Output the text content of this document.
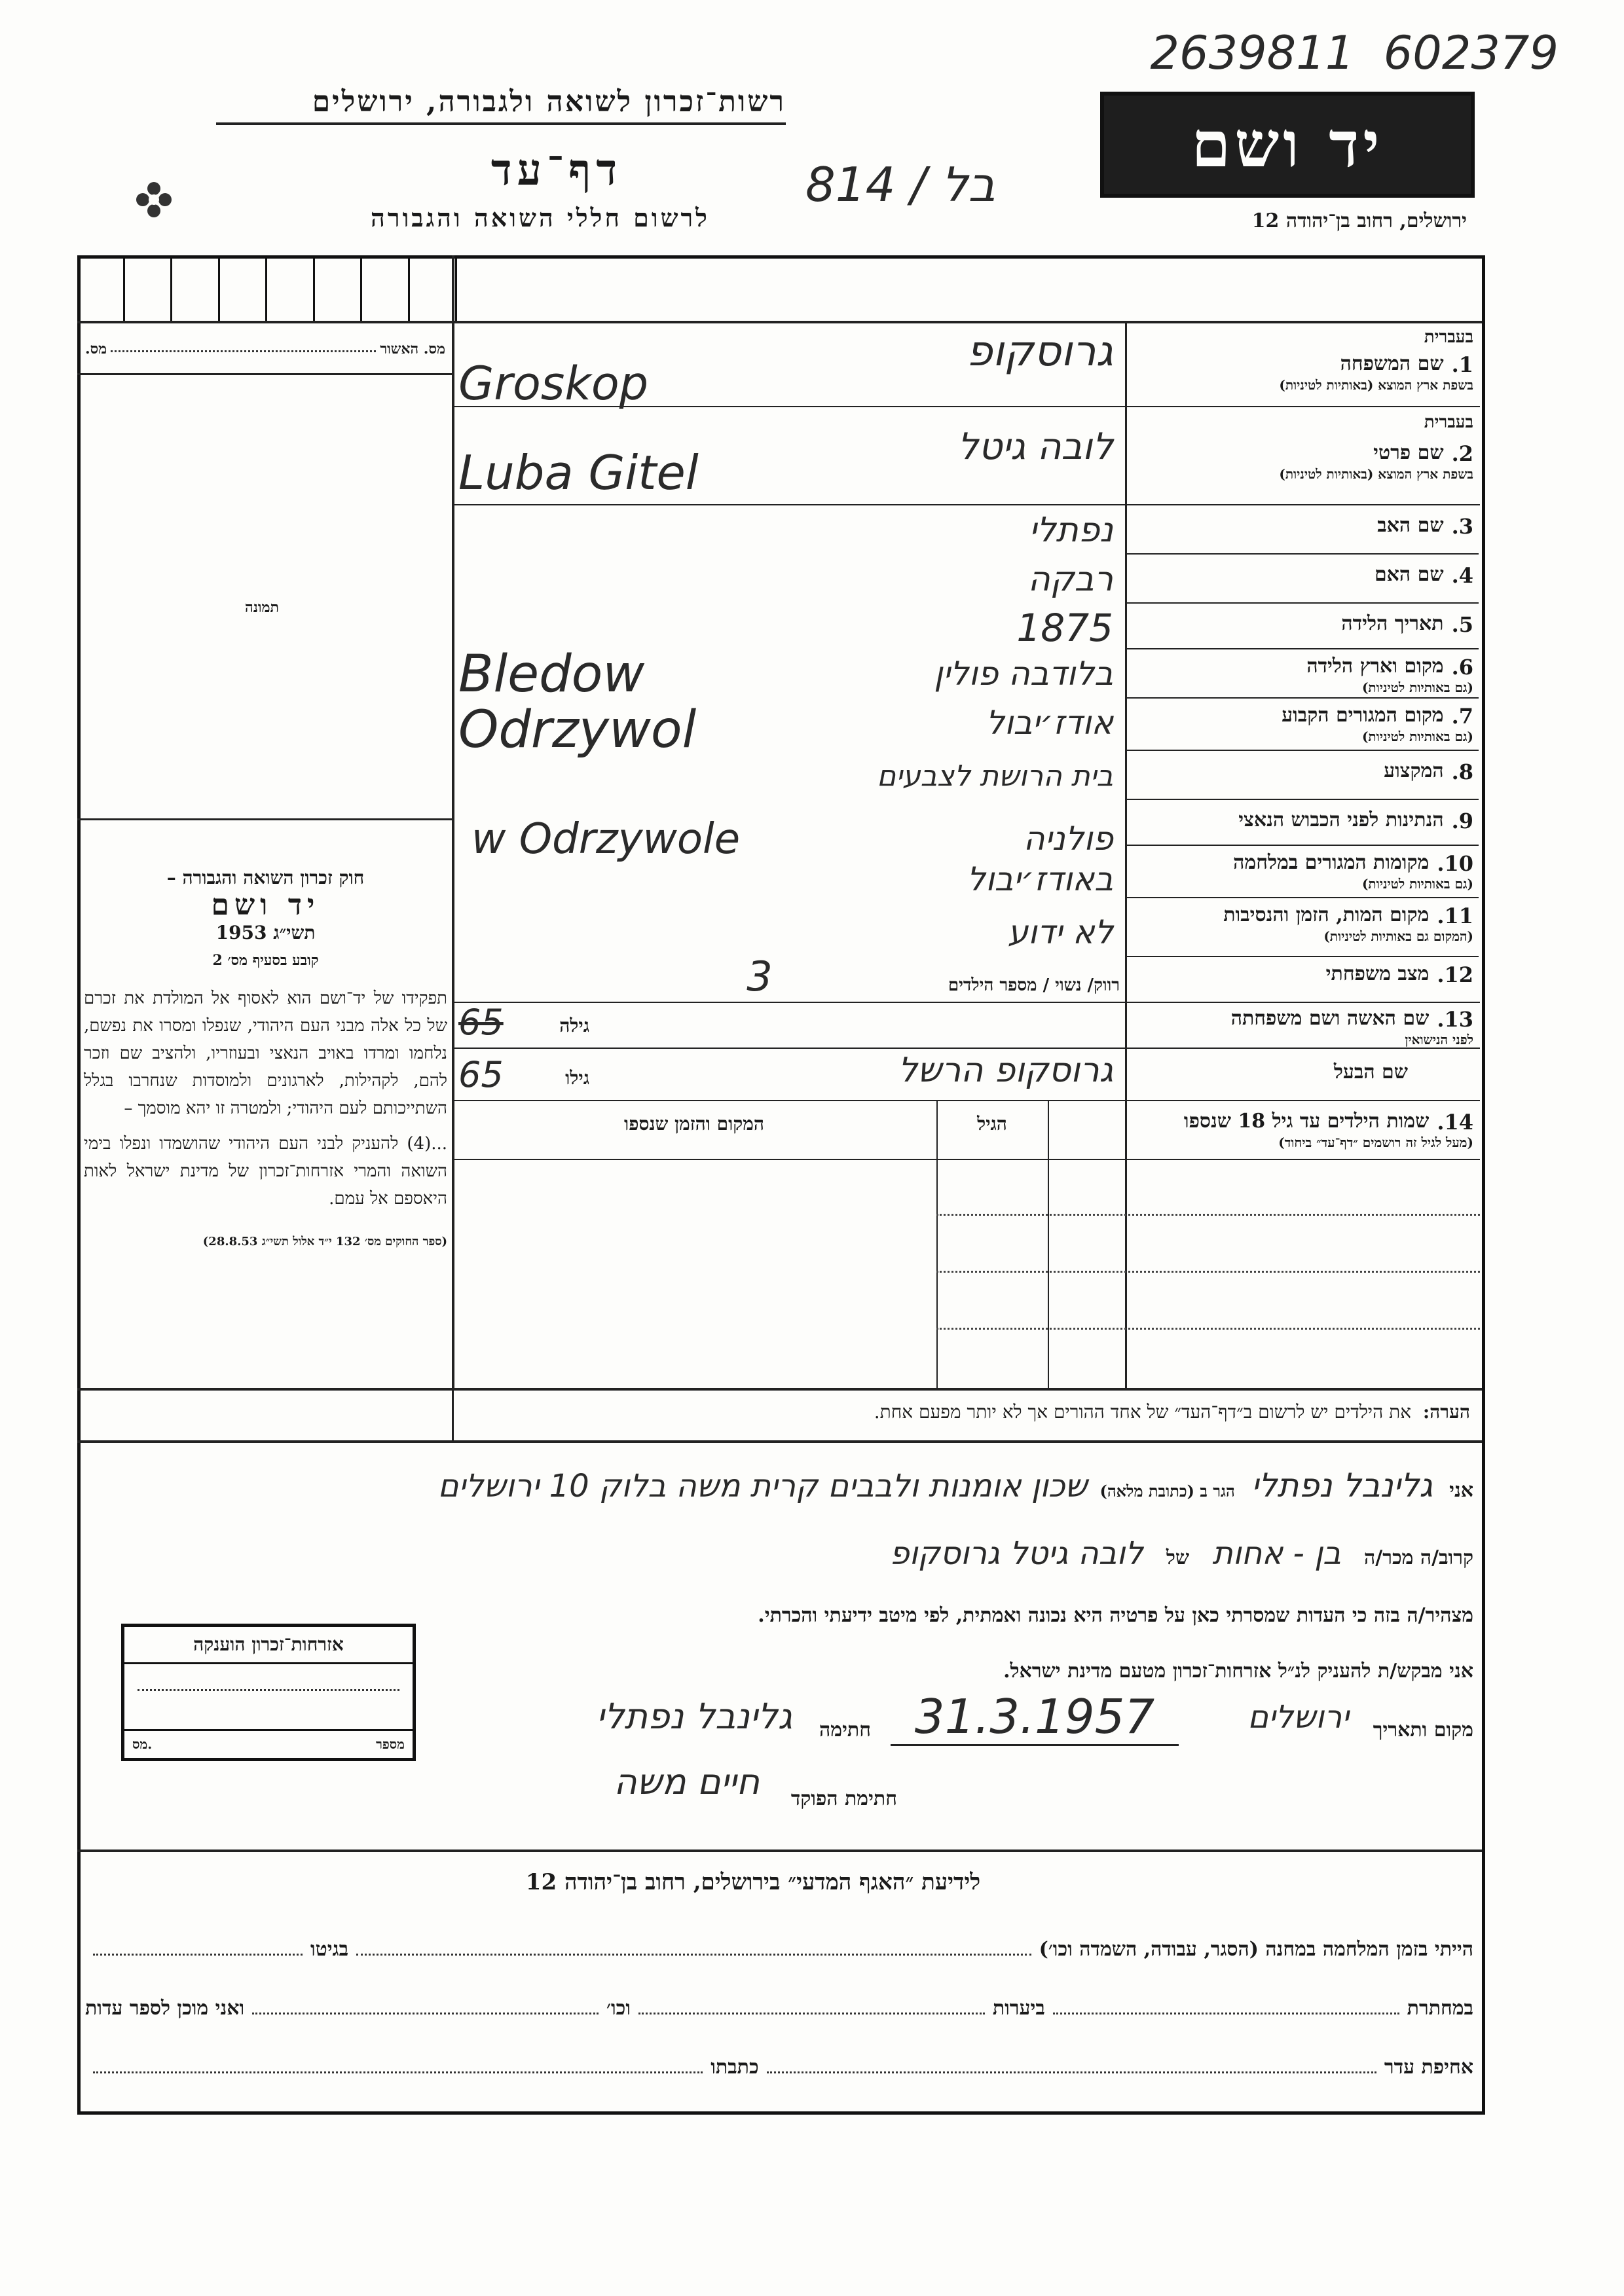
רשות־זכרון לשואה ולגבורה, ירושלים
דף־עד
לרשום חללי השואה והגבורה
814 / בל
2639811  602379
יד ושם
ירושלים, רחוב בן־יהודה 12
מס. האשור
מס.
תמונה

חוק זכרון השואה והגבורה –

יד ושם

תשי״ג 1953

קובע בסעיף מס׳ 2

תפקידו של יד־ושם הוא לאסוף אל המולדת את זכרם של כל אלה מבני העם היהודי, שנפלו ומסרו את נפשם, נלחמו ומרדו באויב הנאצי ובעוזריו, ולהציב שם וזכר להם, לקהילות, לארגונים ולמוסדות שנחרבו בגלל השתייכותם לעם היהודי; ולמטרה זו יהא מוסמך –

...(4) להעניק לבני העם היהודי שהושמדו ונפלו בימי השואה והמרי אזרחות־זכרון של מדינת ישראל לאות היאספם אל עמם.

(ספר החוקים מס׳ 132 י״ד אלול תשי״ג 28.8.53)

בעברית
1.
שם המשפחה
בשפת ארץ המוצא (באותיות לטיניות)
גרוסקופ
Groskop
בעברית
2.
שם פרטי
בשפת ארץ המוצא (באותיות לטיניות)
לובה גיטל
Luba Gitel
3.
שם האב
נפתלי
4.
שם האם
רבקה
5.
תאריך הלידה
1875
6.
מקום וארץ הלידה
(גם באותיות לטיניות)
בלודבה פולין
Bledow
7.
מקום המגורים הקבוע
(גם באותיות לטיניות)
אודז׳יבול
Odrzywol
8.
המקצוע
בית הרושת לצבעים
9.
הנתינות לפני הכבוש הנאצי
10.
מקומות המגורים במלחמה
(גם באותיות לטיניות)
פולניה באודז׳יבול
w Odrzywole
11.
מקום המות, הזמן והנסיבות
(המקום גם באותיות לטיניות)
לא ידוע
12.
מצב משפחתי
רווק/ נשוי / מספר הילדים
3
13.
שם האשה ושם משפחתה
לפני הנישואין
גילה
65
שם הבעל
גרוסקופ הרשל
גילו
65
14.
שמות הילדים עד גיל 18 שנספו
(מעל לגיל זה רושמים ״דף־עד״ ביחוד)
הגיל
המקום והזמן שנספו
הערה:  את הילדים יש לרשום ב״דף־העד״ של אחד ההורים אך לא יותר מפעם אחת.
אני גלינבל נפתלי הגר ב (כתובת מלאה) שכון אומנות ולבבים קרית משה בלוק 10 ירושלים
קרוב/ה מכר/ה בן - אחות של לובה גיטל גרוסקופ
מצהיר/ה בזה כי העדות שמסרתי כאן על פרטיה היא נכונה ואמתית, לפי מיטב ידיעתי והכרתי.
אני מבקש/ת להעניק לנ״ל אזרחות־זכרון מטעם מדינת ישראל.
מקום ותאריך
ירושלים
31.3.1957
חתימה
גלינבל נפתלי
חתימת הפוקד
חיים משה
אזרחות־זכרון הוענקה
מס.	מספר
לידיעת ״האגף המדעי״ בירושלים, רחוב בן־יהודה 12
הייתי בזמן המלחמה במחנה (הסגר, עבודה, השמדה וכו׳)
בגיטו
במחתרת
ביערות
וכו׳
ואני מוכן לספר עדות
אחיפת עדר
כתבתו
